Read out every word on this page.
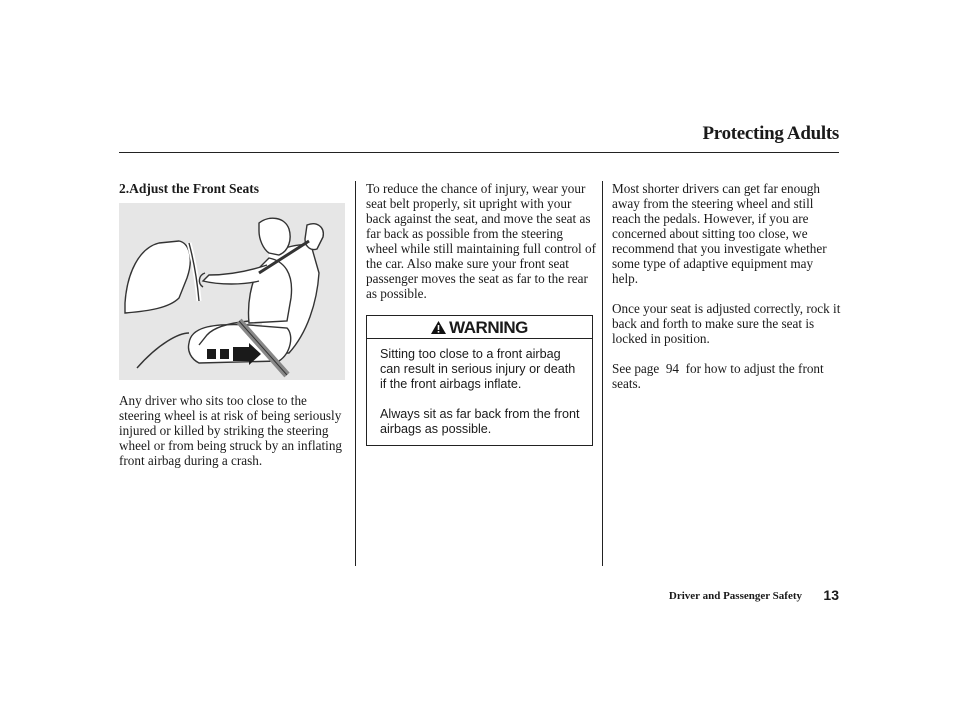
Protecting Adults
2.Adjust the Front Seats

Any driver who sits too close to the steering wheel is at risk of being seriously injured or killed by striking the steering wheel or from being struck by an inflating front airbag during a crash.

To reduce the chance of injury, wear your seat belt properly, sit upright with your back against the seat, and move the seat as far back as possible from the steering wheel while still maintaining full control of the car. Also make sure your front seat passenger moves the seat as far to the rear as possible.

WARNING

Sitting too close to a front airbag can result in serious injury or death if the front airbags inflate.

Always sit as far back from the front airbags as possible.

Most shorter drivers can get far enough away from the steering wheel and still reach the pedals. However, if you are concerned about sitting too close, we recommend that you investigate whether some type of adaptive equipment may help.

Once your seat is adjusted correctly, rock it back and forth to make sure the seat is locked in position.

See page  94  for how to adjust the front seats.

Driver and Passenger Safety 13
